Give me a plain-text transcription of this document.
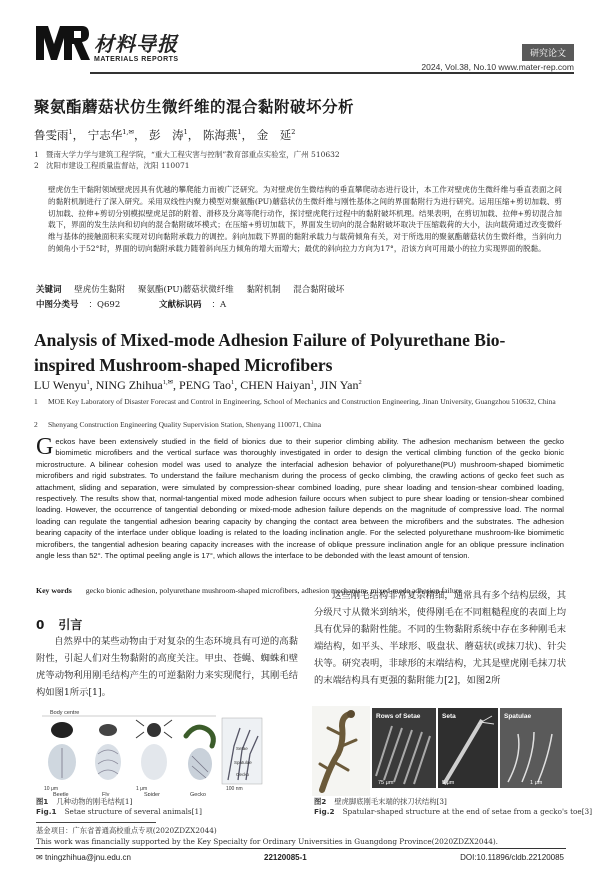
材料导报
MATERIALS REPORTS
研究论文
2024, Vol.38, No.10 www.mater-rep.com
聚氨酯蘑菇状仿生微纤维的混合黏附破坏分析
鲁雯雨$^1$， 宁志华$^{1,✉}$， 彭　涛$^1$， 陈海燕$^1$， 金　延$^2$
1 暨南大学力学与建筑工程学院，“重大工程灾害与控制”教育部重点实验室，广州 510632
2 沈阳市建设工程质量监督站，沈阳 110071
壁虎仿生干黏附领域壁虎因具有优越的攀爬能力而被广泛研究。为对壁虎仿生微结构的垂直攀爬动态进行设计，本工作对壁虎仿生微纤维与垂直表面之间的黏附机制进行了深入研究。采用双线性内聚力模型对聚氨酯(PU)蘑菇状仿生微纤维与刚性基体之间的界面黏附行为进行研究。运用压缩+剪切加载、剪切加载、拉伸+剪切分别模拟壁虎足部的附着、滑移及分离等爬行动作，探讨壁虎爬行过程中的黏附破坏机理。结果表明，在剪切加载、拉伸+剪切混合加载下，界面的发生法向和切向的混合黏附破坏模式；在压缩+剪切加载下，界面发生切向的混合黏附破坏取决于压缩载荷的大小，法向载荷通过改变微纤维与基体的接触面积来实现对切向黏附承载力的调控。斜向加载下界面的黏附承载力与载荷倾角有关，对于所选用的聚氨酯蘑菇状仿生微纤维，当斜向力的倾角小于52°时，界面的切向黏附承载力随着斜向压力倾角的增大而增大；最优的斜向拉力方向为17°，沿该方向可用最小的拉力实现界面的脱黏。
关键词 壁虎仿生黏附 聚氨酯(PU)蘑菇状微纤维 黏附机制 混合黏附破坏
中图分类号 ：Q692	文献标识码 ：A
Analysis of Mixed-mode Adhesion Failure of Polyurethane Bio-inspired Mushroom-shaped Microfibers
LU Wenyu$^1$, NING Zhihua$^{1,✉}$, PENG Tao$^1$, CHEN Haiyan$^1$, JIN Yan$^2$
1 MOE Key Laboratory of Disaster Forecast and Control in Engineering, School of Mechanics and Construction Engineering, Jinan University, Guangzhou 510632, China
2 Shenyang Construction Engineering Quality Supervision Station, Shenyang 110071, China
Geckos have been extensively studied in the field of bionics due to their superior climbing ability. The adhesion mechanism between the gecko biomimetic microfibers and the vertical surface was thoroughly investigated in order to design the vertical climbing function of the gecko bionic microstructure. A bilinear cohesion model was used to analyze the interfacial adhesion behavior of polyurethane(PU) mushroom-shaped biomimetic microfibers and rigid substrates. To understand the failure mechanism during the process of gecko climbing, the crawling actions of gecko feet such as attachment, sliding and separation, were simulated by compression-shear combined loading, pure shear loading and tension-shear combined loading, respectively. The results show that, normal-tangential mixed mode adhesion failure occurs when subject to pure shear loading or tension-shear combined loading. However, the occurrence of tangential debonding or mixed-mode adhesion failure depends on the magnitude of compressive load. The normal loading can regulate the tangential adhesion bearing capacity by changing the contact area between the microfibers and the substrates. The adhesion bearing capacity of the interface under oblique loading is related to the loading inclination angle. For the selected polyurethane mushroom-like biomimetic microfibers, the tangential adhesion bearing capacity increases with the increase of oblique pressure inclination angle for an oblique pressure inclination angle less than 52°. The optimal peeling angle is 17°, which allows the interface to be debonded with the least amount of tension.
Key words gecko bionic adhesion, polyurethane mushroom-shaped microfibers, adhesion mechanism, mixed-mode adhesion failure
0 引言
自然界中的某些动物由于对复杂的生态环境具有可逆的高黏附性，引起人们对生物黏附的高度关注。甲虫、苍蝇、蜘蛛和壁虎等动物利用刚毛结构产生的可逆黏附力来实现爬行，其刚毛结构如图1所示[1]。
这些刚毛结构非常复杂精细，通常具有多个结构层级，其分级尺寸从微米到纳米，使得刚毛在不同粗糙程度的表面上均具有优异的黏附性能。不同的生物黏附系统中存在多种刚毛末端结构，如平头、半球形、吸盘状、蘑菇状(或抹刀状)、针尖状等。研究表明，非球形的末端结构，尤其是壁虎刚毛抹刀状的末端结构具有更强的黏附能力[2]，如图2所
Body centre
Setae
Spatulae
Gecko
10 μm	1 μm	100 nm
Beetle	Fly	Spider	Gecko
图1 几种动物的刚毛结构[1]
Fig.1 Setae structure of several animals[1]
Rows of Setae
75 μm
Seta
5 μm
Spatulae
1 μm
图2 壁虎脚底刚毛末端的抹刀状结构[3]
Fig.2 Spatular-shaped structure at the end of setae from a gecko's toe[3]
基金项目：广东省普通高校重点专项(2020ZDZX2044)
This work was financially supported by the Key Specialty for Ordinary Universities in Guangdong Province(2020ZDZX2044).
✉ tningzhihua@jnu.edu.cn	22120085-1	DOI:10.11896/cldb.22120085
